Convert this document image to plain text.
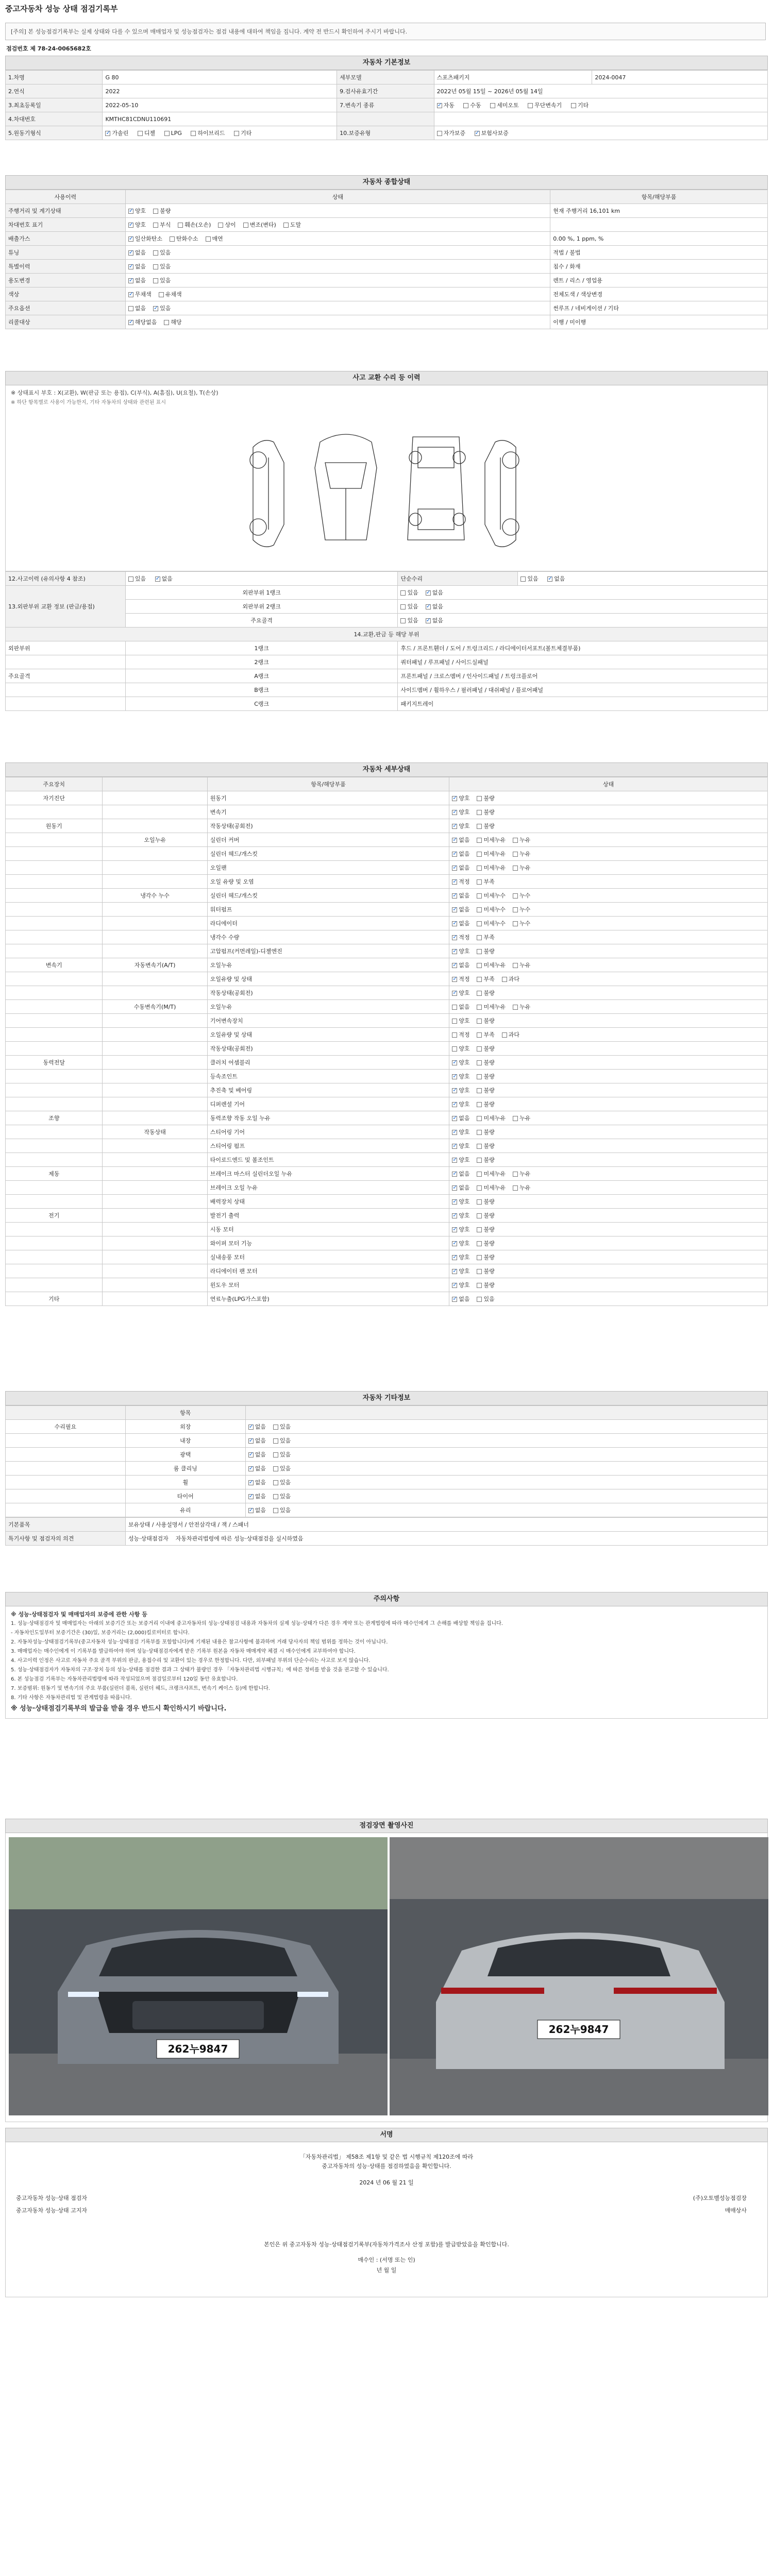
중고자동차 성능 상태 점검기록부
[주의] 본 성능점검기록부는 실제 상태와 다를 수 있으며 매매업자 및 성능점검자는 점검 내용에 대하여 책임을 집니다. 계약 전 반드시 확인하여 주시기 바랍니다.
점검번호 제 78-24-0065682호
자동차 기본정보
1.차명	G 80	세부모델	스포츠패키지	2024-0047
2.연식	2022	9.검사유효기간	2022년 05월 15일 ~ 2026년 05월 14일	
3.최초등록일	2022-05-10	7.변속기 종류	✓자동 수동 세미오토 무단변속기 기타
4.차대번호	KMTHC81CDNU110691			
5.원동기형식	✓가솔린 디젤 LPG 하이브리드 기타	10.보증유형	자가보증 ✓ 보험사보증
자동차 종합상태
사용이력	상태	항목/해당부품
주행거리 및 계기상태	✓양호 불량	현재 주행거리 16,101 km
차대번호 표기	✓양호 부식 훼손(오손) 상이 변조(변타) 도말	
배출가스	✓일산화탄소 탄화수소 매연	0.00 %, 1 ppm, %
튜닝	✓없음 있음	적법 / 불법
특별이력	✓없음 있음	침수 / 화재
용도변경	✓없음 있음	렌트 / 리스 / 영업용
색상	✓무채색 유채색	전체도색 / 색상변경
주요옵션	없음 ✓ 있음	썬루프 / 네비게이션 / 기타
리콜대상	✓해당없음 해당	이행 / 미이행
사고 교환 수리 등 이력
※ 상태표시 부호 : X(교환), W(판금 또는 용접), C(부식), A(흠집), U(요철), T(손상)
※ 하단 항목별로 사용이 가능한지, 기타 자동차의 상태와 관련된 표시
12.사고이력 (유의사항 4 참조)	있음 ✓ 없음	단순수리	있음 ✓ 없음
13.외판부위 교환 정보 (판금/용접)	외판부위 1랭크	있음 ✓ 없음
	외판부위 2랭크	있음 ✓ 없음
	주요골격	있음 ✓ 없음
14.교환,판금 등 해당 부위			
외판부위	1랭크	후드 / 프론트휀더 / 도어 / 트렁크리드 / 라디에이터서포트(볼트체결부품)	
	2랭크	쿼터패널 / 루프패널 / 사이드실패널	
주요골격	A랭크	프론트패널 / 크로스멤버 / 인사이드패널 / 트렁크플로어	
	B랭크	사이드멤버 / 휠하우스 / 필러패널 / 대쉬패널 / 플로어패널	
	C랭크	패키지트레이	
자동차 세부상태
주요장치		항목/해당부품	상태
자기진단		원동기	✓양호 불량
		변속기	✓양호 불량
원동기		작동상태(공회전)	✓양호 불량
	오일누유	실린더 커버	✓없음 미세누유 누유
		실린더 헤드/개스킷	✓없음 미세누유 누유
		오일팬	✓없음 미세누유 누유
		오일 유량 및 오염	✓적정 부족
	냉각수 누수	실린더 헤드/개스킷	✓없음 미세누수 누수
		워터펌프	✓없음 미세누수 누수
		라디에이터	✓없음 미세누수 누수
		냉각수 수량	✓적정 부족
		고압펌프(커먼레일)-디젤엔진	✓양호 불량
변속기	자동변속기(A/T)	오일누유	✓없음 미세누유 누유
		오일유량 및 상태	✓적정 부족 과다
		작동상태(공회전)	✓양호 불량
	수동변속기(M/T)	오일누유	없음 미세누유 누유
		기어변속장치	양호 불량
		오일유량 및 상태	적정 부족 과다
		작동상태(공회전)	양호 불량
동력전달		클러치 어셈블리	✓양호 불량
		등속조인트	✓양호 불량
		추진축 및 베어링	✓양호 불량
		디퍼렌셜 기어	✓양호 불량
조향		동력조향 작동 오일 누유	✓없음 미세누유 누유
	작동상태	스티어링 기어	✓양호 불량
		스티어링 펌프	✓양호 불량
		타이로드엔드 및 볼조인트	✓양호 불량
제동		브레이크 마스터 실린더오일 누유	✓없음 미세누유 누유
		브레이크 오일 누유	✓없음 미세누유 누유
		배력장치 상태	✓양호 불량
전기		발전기 출력	✓양호 불량
		시동 모터	✓양호 불량
		와이퍼 모터 기능	✓양호 불량
		실내송풍 모터	✓양호 불량
		라디에이터 팬 모터	✓양호 불량
		윈도우 모터	✓양호 불량
기타		연료누출(LPG가스포함)	✓없음 있음
자동차 기타정보
	항목	
수리필요	외장	✓없음 있음
	내장	✓없음 있음
	광택	✓없음 있음
	룸 클리닝	✓없음 있음
	휠	✓없음 있음
	타이어	✓없음 있음
	유리	✓없음 있음
기본품목	보유상태 / 사용설명서 / 안전삼각대 / 잭 / 스패너
특기사항 및 점검자의 의견	성능·상태점검자 자동차관리법령에 따른 성능·상태점검을 실시하였음
주의사항

※ 성능·상태점검자 및 매매업자의 보증에 관한 사항 등

1. 성능·상태점검자 및 매매업자는 아래의 보증기간 또는 보증거리 이내에 중고자동차의 성능·상태점검 내용과 자동차의 실제 성능·상태가 다른 경우 계약 또는 관계법령에 따라 매수인에게 그 손해를 배상할 책임을 집니다.

- 자동차인도일부터 보증기간은 (30)일, 보증거리는 (2,000)킬로미터로 합니다.

2. 자동차성능·상태점검기록부(중고자동차 성능·상태점검 기록부를 포함합니다)에 기재된 내용은 참고사항에 불과하며 거래 당사자의 책임 범위를 정하는 것이 아닙니다.

3. 매매업자는 매수인에게 이 기록부를 발급하여야 하며 성능·상태점검자에게 받은 기록부 원본을 자동차 매매계약 체결 시 매수인에게 교부하여야 합니다.

4. 사고이력 인정은 사고로 자동차 주요 골격 부위의 판금, 용접수리 및 교환이 있는 경우로 한정합니다. 다만, 외부패널 부위의 단순수리는 사고로 보지 않습니다.

5. 성능·상태점검자가 자동차의 구조·장치 등의 성능·상태를 점검한 결과 그 상태가 불량인 경우 「자동차관리법 시행규칙」에 따른 정비를 받을 것을 권고할 수 있습니다.

6. 본 성능점검 기록부는 자동차관리법령에 따라 작성되었으며 점검일로부터 120일 동안 유효합니다.

7. 보증범위: 원동기 및 변속기의 주요 부품(실린더 블록, 실린더 헤드, 크랭크샤프트, 변속기 케이스 등)에 한합니다.

8. 기타 사항은 자동차관리법 및 관계법령을 따릅니다.

※ 성능·상태점검기록부의 발급을 받을 경우 반드시 확인하시기 바랍니다.

점검장면 촬영사진
262누9847
262누9847
서명
「자동차관리법」 제58조 제1항 및 같은 법 시행규칙 제120조에 따라
중고자동차의 성능·상태를 점검하였음을 확인합니다.
2024 년 06 월 21 일
중고자동차 성능·상태 점검자	(주)오토벨성능점검장
중고자동차 성능·상태 고지자	매매상사
본인은 위 중고자동차 성능·상태점검기록부(자동차가격조사 산정 포함)를 발급받았음을 확인합니다.
매수인 : (서명 또는 인)
년 월 일
